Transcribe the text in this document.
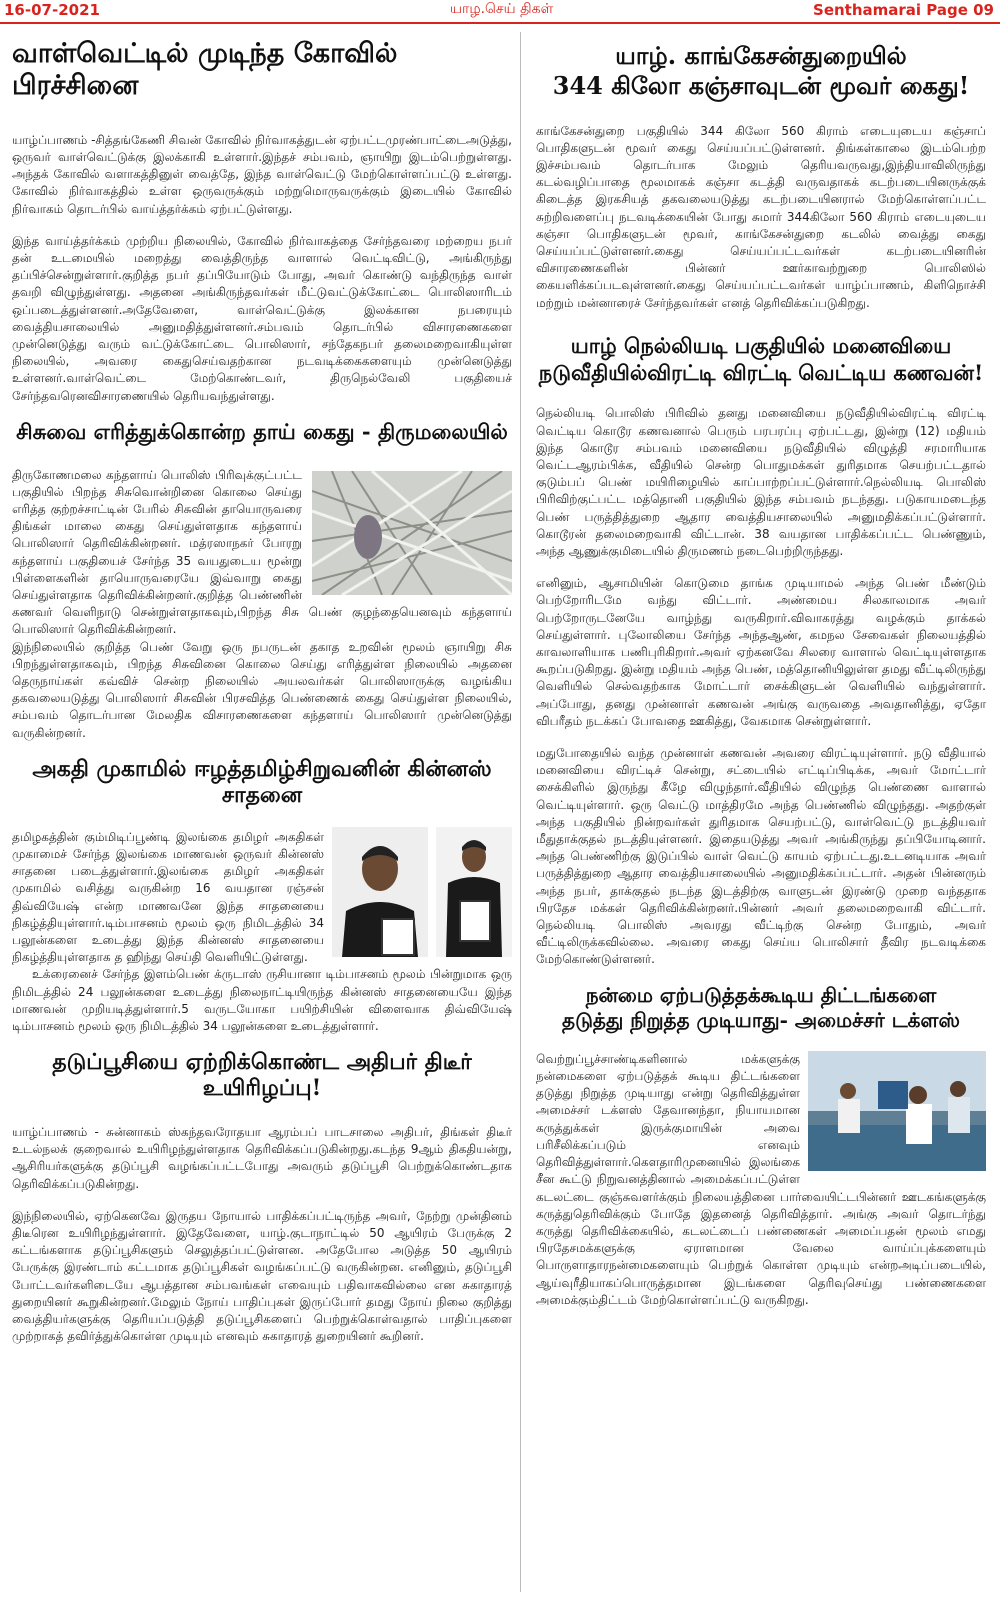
16-07-2021	யாழ.செய் திகள்	Senthamarai Page 09
வாள்வெட்டில் முடிந்த கோவில் பிரச்சினை

யாழ்ப்பாணம் -சித்தங்கேணி சிவன் கோவில் நிர்வாகத்துடன் ஏற்பட்டமுரண்பாட்டைஅடுத்து, ஒருவர் வாள்வெட்டுக்கு இலக்காகி உள்ளார்.இந்தச் சம்பவம், ஞாயிறு இடம்பெற்றுள்ளது. அந்தக் கோவில் வளாகத்தினுள் வைத்தே, இந்த வாள்வெட்டு மேற்கொள்ளப்பட்டு உள்ளது. கோவில் நிர்வாகத்தில் உள்ள ஒருவருக்கும் மற்றுமொருவருக்கும் இடையில் கோவில் நிர்வாகம் தொடர்பில் வாய்த்தர்க்கம் ஏற்பட்டுள்ளது.

இந்த வாய்த்தர்க்கம் முற்றிய நிலையில், கோவில் நிர்வாகத்தை சேர்ந்தவரை மற்றைய நபர் தன் உடமையில் மறைத்து வைத்திருந்த வாளால் வெட்டிவிட்டு, அங்கிருந்து தப்பிச்சென்றுள்ளார்.குறித்த நபர் தப்பியோடும் போது, அவர் கொண்டு வந்திருந்த வாள் தவறி விழுந்துள்ளது. அதனை அங்கிருந்தவர்கள் மீட்டுவட்டுக்கோட்டை பொலிஸாரிடம் ஒப்படைத்துள்ளனர்.அதேவேளை, வாள்வெட்டுக்கு இலக்கான நபரையும் வைத்தியசாலையில் அனுமதித்துள்ளனர்.சம்பவம் தொடர்பில் விசாரணைகளை முன்னெடுத்து வரும் வட்டுக்கோட்டை பொலிஸார், சந்தேகநபர் தலைமறைவாகியுள்ள நிலையில், அவரை கைதுசெய்வதற்கான நடவடிக்கைகளையும் முன்னெடுத்து உள்ளனர்.வாள்வெட்டை மேற்கொண்டவர், திருநெல்வேலி பகுதியைச் சேர்ந்தவரெனவிசாரணையில் தெரியவந்துள்ளது.

சிசுவை எரித்துக்கொன்ற தாய் கைது - திருமலையில்

திருகோணமலை கந்தளாய் பொலிஸ் பிரிவுக்குட்பட்ட பகுதியில் பிறந்த சிசுவொன்றினை கொலை செய்து எரித்த குற்றச்சாட்டின் பேரில் சிசுவின் தாயொருவரை திங்கள் மாலை கைது செய்துள்ளதாக கந்தளாய் பொலிஸார் தெரிவிக்கின்றனர். மத்ரஸாநகர் போரறு கந்தளாய் பகுதியைச் சேர்ந்த 35 வயதுடைய மூன்று பிள்ளைகளின் தாயொருவரையே இவ்வாறு கைது செய்துள்ளதாக தெரிவிக்கின்றனர்.குறித்த பெண்ணின் கணவர் வெளிநாடு சென்றுள்ளதாகவும்,பிறந்த சிசு பெண் குழந்தையெனவும் கந்தளாய் பொலிஸார் தெரிவிக்கின்றனர்.

இந்நிலையில் குறித்த பெண் வேறு ஒரு நபருடன் தகாத உறவின் மூலம் ஞாயிறு சிசு பிறந்துள்ளதாகவும், பிறந்த சிசுவினை கொலை செய்து எரித்துள்ள நிலையில் அதனை தெருநாய்கள் கவ்விச் சென்ற நிலையில் அயலவர்கள் பொலிஸாருக்கு வழங்கிய தகவலையடுத்து பொலிஸார் சிசுவின் பிரசவித்த பெண்ணைக் கைது செய்துள்ள நிலையில், சம்பவம் தொடர்பான மேலதிக விசாரணைகளை கந்தளாய் பொலிஸார் முன்னெடுத்து வருகின்றனர்.

அகதி முகாமில் ஈழத்தமிழ்சிறுவனின் கின்னஸ் சாதனை

தமிழகத்தின் கும்மிடிப்பூண்டி இலங்கை தமிழர் அகதிகள் முகாமைச் சேர்ந்த இலங்கை மாணவன் ஒருவர் கின்னஸ் சாதனை படைத்துள்ளார்.இலங்கை தமிழர் அகதிகள் முகாமில் வசித்து வருகின்ற 16 வயதான ரஞ்சன் திவ்வியேஷ் என்ற மாணவனே இந்த சாதனையை நிகழ்த்தியுள்ளார்.டிம்பாசனம் மூலம் ஒரு நிமிடத்தில் 34 பலூன்களை உடைத்து இந்த கின்னஸ் சாதனையை நிகழ்த்தியுள்ளதாக த ஹிந்து செய்தி வெளியிட்டுள்ளது.

உக்ரைனைச் சேர்ந்த இளம்பெண் க்ருடாஸ் ருசியானா டிம்பாசனம் மூலம் பின்றுமாக ஒரு நிமிடத்தில் 24 பலூன்களை உடைத்து நிலைநாட்டியிருந்த கின்னஸ் சாதனையையே இந்த மாணவன் முறியடித்துள்ளார்.5 வருடயோகா பயிற்சியின் விளைவாக திவ்வியேஷ் டிம்பாசனம் மூலம் ஒரு நிமிடத்தில் 34 பலூன்களை உடைத்துள்ளார்.

தடுப்பூசியை ஏற்றிக்கொண்ட அதிபர் திடீர் உயிரிழப்பு!

யாழ்ப்பாணம் - சுன்னாகம் ஸ்கந்தவரோதயா ஆரம்பப் பாடசாலை அதிபர், திங்கள் திடீர் உடல்நலக் குறைவால் உயிரிழந்துள்ளதாக தெரிவிக்கப்படுகின்றது.கடந்த 9ஆம் திகதியன்று, ஆசிரியர்களுக்கு தடுப்பூசி வழங்கப்பட்டபோது அவரும் தடுப்பூசி பெற்றுக்கொண்டதாக தெரிவிக்கப்படுகின்றது.

இந்நிலையில், ஏற்கெனவே இருதய நோயால் பாதிக்கப்பட்டிருந்த அவர், நேற்று முன்தினம் திடீரென உயிரிழந்துள்ளார். இதேவேளை, யாழ்.குடாநாட்டில் 50 ஆயிரம் பேருக்கு 2 கட்டங்களாக தடுப்பூசிகளும் செலுத்தப்பட்டுள்ளன. அதேபோல அடுத்த 50 ஆயிரம் பேருக்கு இரண்டாம் கட்டமாக தடுப்பூசிகள் வழங்கப்பட்டு வருகின்றன. எனினும், தடுப்பூசி போட்டவர்களிடையே ஆபத்தான சம்பவங்கள் எவையும் பதிவாகவில்லை என சுகாதாரத் துறையினர் கூறுகின்றனர்.மேலும் நோய் பாதிப்புகள் இருப்போர் தமது நோய் நிலை குறித்து வைத்தியர்களுக்கு தெரியப்படுத்தி தடுப்பூசிகளைப் பெற்றுக்கொள்வதால் பாதிப்புகளை முற்றாகத் தவிர்த்துக்கொள்ள முடியும் எனவும் சுகாதாரத் துறையினர் கூறினர்.

யாழ். காங்கேசன்துறையில்
344 கிலோ கஞ்சாவுடன் மூவர் கைது!

காங்கேசன்துறை பகுதியில் 344 கிலோ 560 கிராம் எடையுடைய கஞ்சாப் பொதிகளுடன் மூவர் கைது செய்யப்பட்டுள்ளனர். திங்கள்காலை இடம்பெற்ற இச்சம்பவம் தொடர்பாக மேலும் தெரியவருவது,இந்தியாவிலிருந்து கடல்வழிப்பாதை மூலமாகக் கஞ்சா கடத்தி வருவதாகக் கடற்படையினருக்குக் கிடைத்த இரகசியத் தகவலையடுத்து கடற்படையினரால் மேற்கொள்ளப்பட்ட சுற்றிவளைப்பு நடவடிக்கையின் போது சுமார் 344கிலோ 560 கிராம் எடையுடைய கஞ்சா பொதிகளுடன் மூவர், காங்கேசன்துறை கடலில் வைத்து கைது செய்யப்பட்டுள்ளனர்.கைது செய்யப்பட்டவர்கள் கடற்படையினரின் விசாரணைகளின் பின்னர் ஊர்காவற்றுறை பொலிஸில் கையளிக்கப்படவுள்ளனர்.கைது செய்யப்பட்டவர்கள் யாழ்ப்பாணம், கிளிநொச்சி மற்றும் மன்னாரைச் சேர்ந்தவர்கள் எனத் தெரிவிக்கப்படுகிறது.

யாழ் நெல்லியடி பகுதியில் மனைவியை
நடுவீதியில்விரட்டி விரட்டி வெட்டிய கணவன்!

நெல்லியடி பொலிஸ் பிரிவில் தனது மனைவியை நடுவீதியில்விரட்டி விரட்டி வெட்டிய கொடூர கணவனால் பெரும் பரபரப்பு ஏற்பட்டது, இன்று (12) மதியம் இந்த கொடூர சம்பவம் மனைவியை நடுவீதியில் விழுத்தி சரமாரியாக வெட்டஆரம்பிக்க, வீதியில் சென்ற பொதுமக்கள் துரிதமாக செயற்பட்டதால் குடும்பப் பெண் மயிரிழையில் காப்பாற்றப்பட்டுள்ளார்.நெல்லியடி பொலிஸ் பிரிவிற்குட்பட்ட மத்தொனி பகுதியில் இந்த சம்பவம் நடந்தது. படுகாயமடைந்த பெண் பருத்தித்துறை ஆதார வைத்தியசாலையில் அனுமதிக்கப்பட்டுள்ளார். கொடூரன் தலைமறைவாகி விட்டான். 38 வயதான பாதிக்கப்பட்ட பெண்ணும், அந்த ஆணுக்குமிடையில் திருமணம் நடைபெற்றிருந்தது.

எனினும், ஆசாமியின் கொடுமை தாங்க முடியாமல் அந்த பெண் மீண்டும் பெற்றோரிடமே வந்து விட்டார். அண்மைய சிலகாலமாக அவர் பெற்றோருடனேயே வாழ்ந்து வருகிறார்.விவாகரத்து வழக்கும் தாக்கல் செய்துள்ளார். புலோலியை சேர்ந்த அந்தஆண், கமநல சேவைகள் நிலையத்தில் காவலாளியாக பணிபுரிகிறார்.அவர் ஏற்கனவே சிலரை வாளால் வெட்டியுள்ளதாக கூறப்படுகிறது. இன்று மதியம் அந்த பெண், மத்தொனியிலுள்ள தமது வீட்டிலிருந்து வெளியில் செல்வதற்காக மோட்டார் சைக்கிளுடன் வெளியில் வந்துள்ளார். அப்போது, தனது முன்னாள் கணவன் அங்கு வருவதை அவதானித்து, ஏதோ விபரீதம் நடக்கப் போவதை ஊகித்து, வேகமாக சென்றுள்ளார்.

மதுபோதையில் வந்த முன்னாள் கணவன் அவரை விரட்டியுள்ளார். நடு வீதியால் மனைவியை விரட்டிச் சென்று, சட்டையில் எட்டிப்பிடிக்க, அவர் மோட்டார் சைக்கிளில் இருந்து கீழே விழுந்தார்.வீதியில் விழுந்த பெண்ணை வாளால் வெட்டியுள்ளார். ஒரு வெட்டு மாத்திரமே அந்த பெண்ணில் விழுந்தது. அதற்குள் அந்த பகுதியில் நின்றவர்கள் துரிதமாக செயற்பட்டு, வாள்வெட்டு நடத்தியவர் மீதுதாக்குதல் நடத்தியுள்ளனர். இதையடுத்து அவர் அங்கிருந்து தப்பியோடினார். அந்த பெண்ணிற்கு இடுப்பில் வாள் வெட்டு காயம் ஏற்பட்டது.உடனடியாக அவர் பருத்தித்துறை ஆதார வைத்தியசாலையில் அனுமதிக்கப்பட்டார். அதன் பின்னரும் அந்த நபர், தாக்குதல் நடந்த இடத்திற்கு வாளுடன் இரண்டு முறை வந்ததாக பிரதேச மக்கள் தெரிவிக்கின்றனர்.பின்னர் அவர் தலைமறைவாகி விட்டார். நெல்லியடி பொலிஸ் அவரது வீட்டிற்கு சென்ற போதும், அவர் வீட்டிலிருக்கவில்லை. அவரை கைது செய்ய பொலிசார் தீவிர நடவடிக்கை மேற்கொண்டுள்ளனர்.

நன்மை ஏற்படுத்தக்கூடிய திட்டங்களை
தடுத்து நிறுத்த முடியாது- அமைச்சர் டக்ளஸ்

வெற்றுப்பூச்சாண்டிகளினால் மக்களுக்கு நன்மைகளை ஏற்படுத்தக் கூடிய திட்டங்களை தடுத்து நிறுத்த முடியாது என்று தெரிவித்துள்ள அமைச்சர் டக்ளஸ் தேவானந்தா, நியாயமான கருத்துக்கள் இருக்குமாயின் அவை பரிசீலிக்கப்படும் எனவும் தெரிவித்துள்ளார்.கௌதாரிமுனையில் இலங்கை சீன கூட்டு நிறுவனத்தினால் அமைக்கப்பட்டுள்ள கடலட்டை குஞ்சுவளர்க்கும் நிலையத்தினை பார்வையிட்டபின்னர் ஊடகங்களுக்கு கருத்துதெரிவிக்கும் போதே இதனைத் தெரிவித்தார். அங்கு அவர் தொடர்ந்து கருத்து தெரிவிக்கையில், கடலட்டைப் பண்ணைகள் அமைப்பதன் மூலம் எமது பிரதேசமக்களுக்கு ஏராளமான வேலை வாய்ப்புக்களையும் பொருளாதாரநன்மைகளையும் பெற்றுக் கொள்ள முடியும் என்றஅடிப்படையில், ஆய்வுரீதியாகப்பொருத்தமான இடங்களை தெரிவுசெய்து பண்ணைகளை அமைக்கும்திட்டம் மேற்கொள்ளப்பட்டு வருகிறது.
